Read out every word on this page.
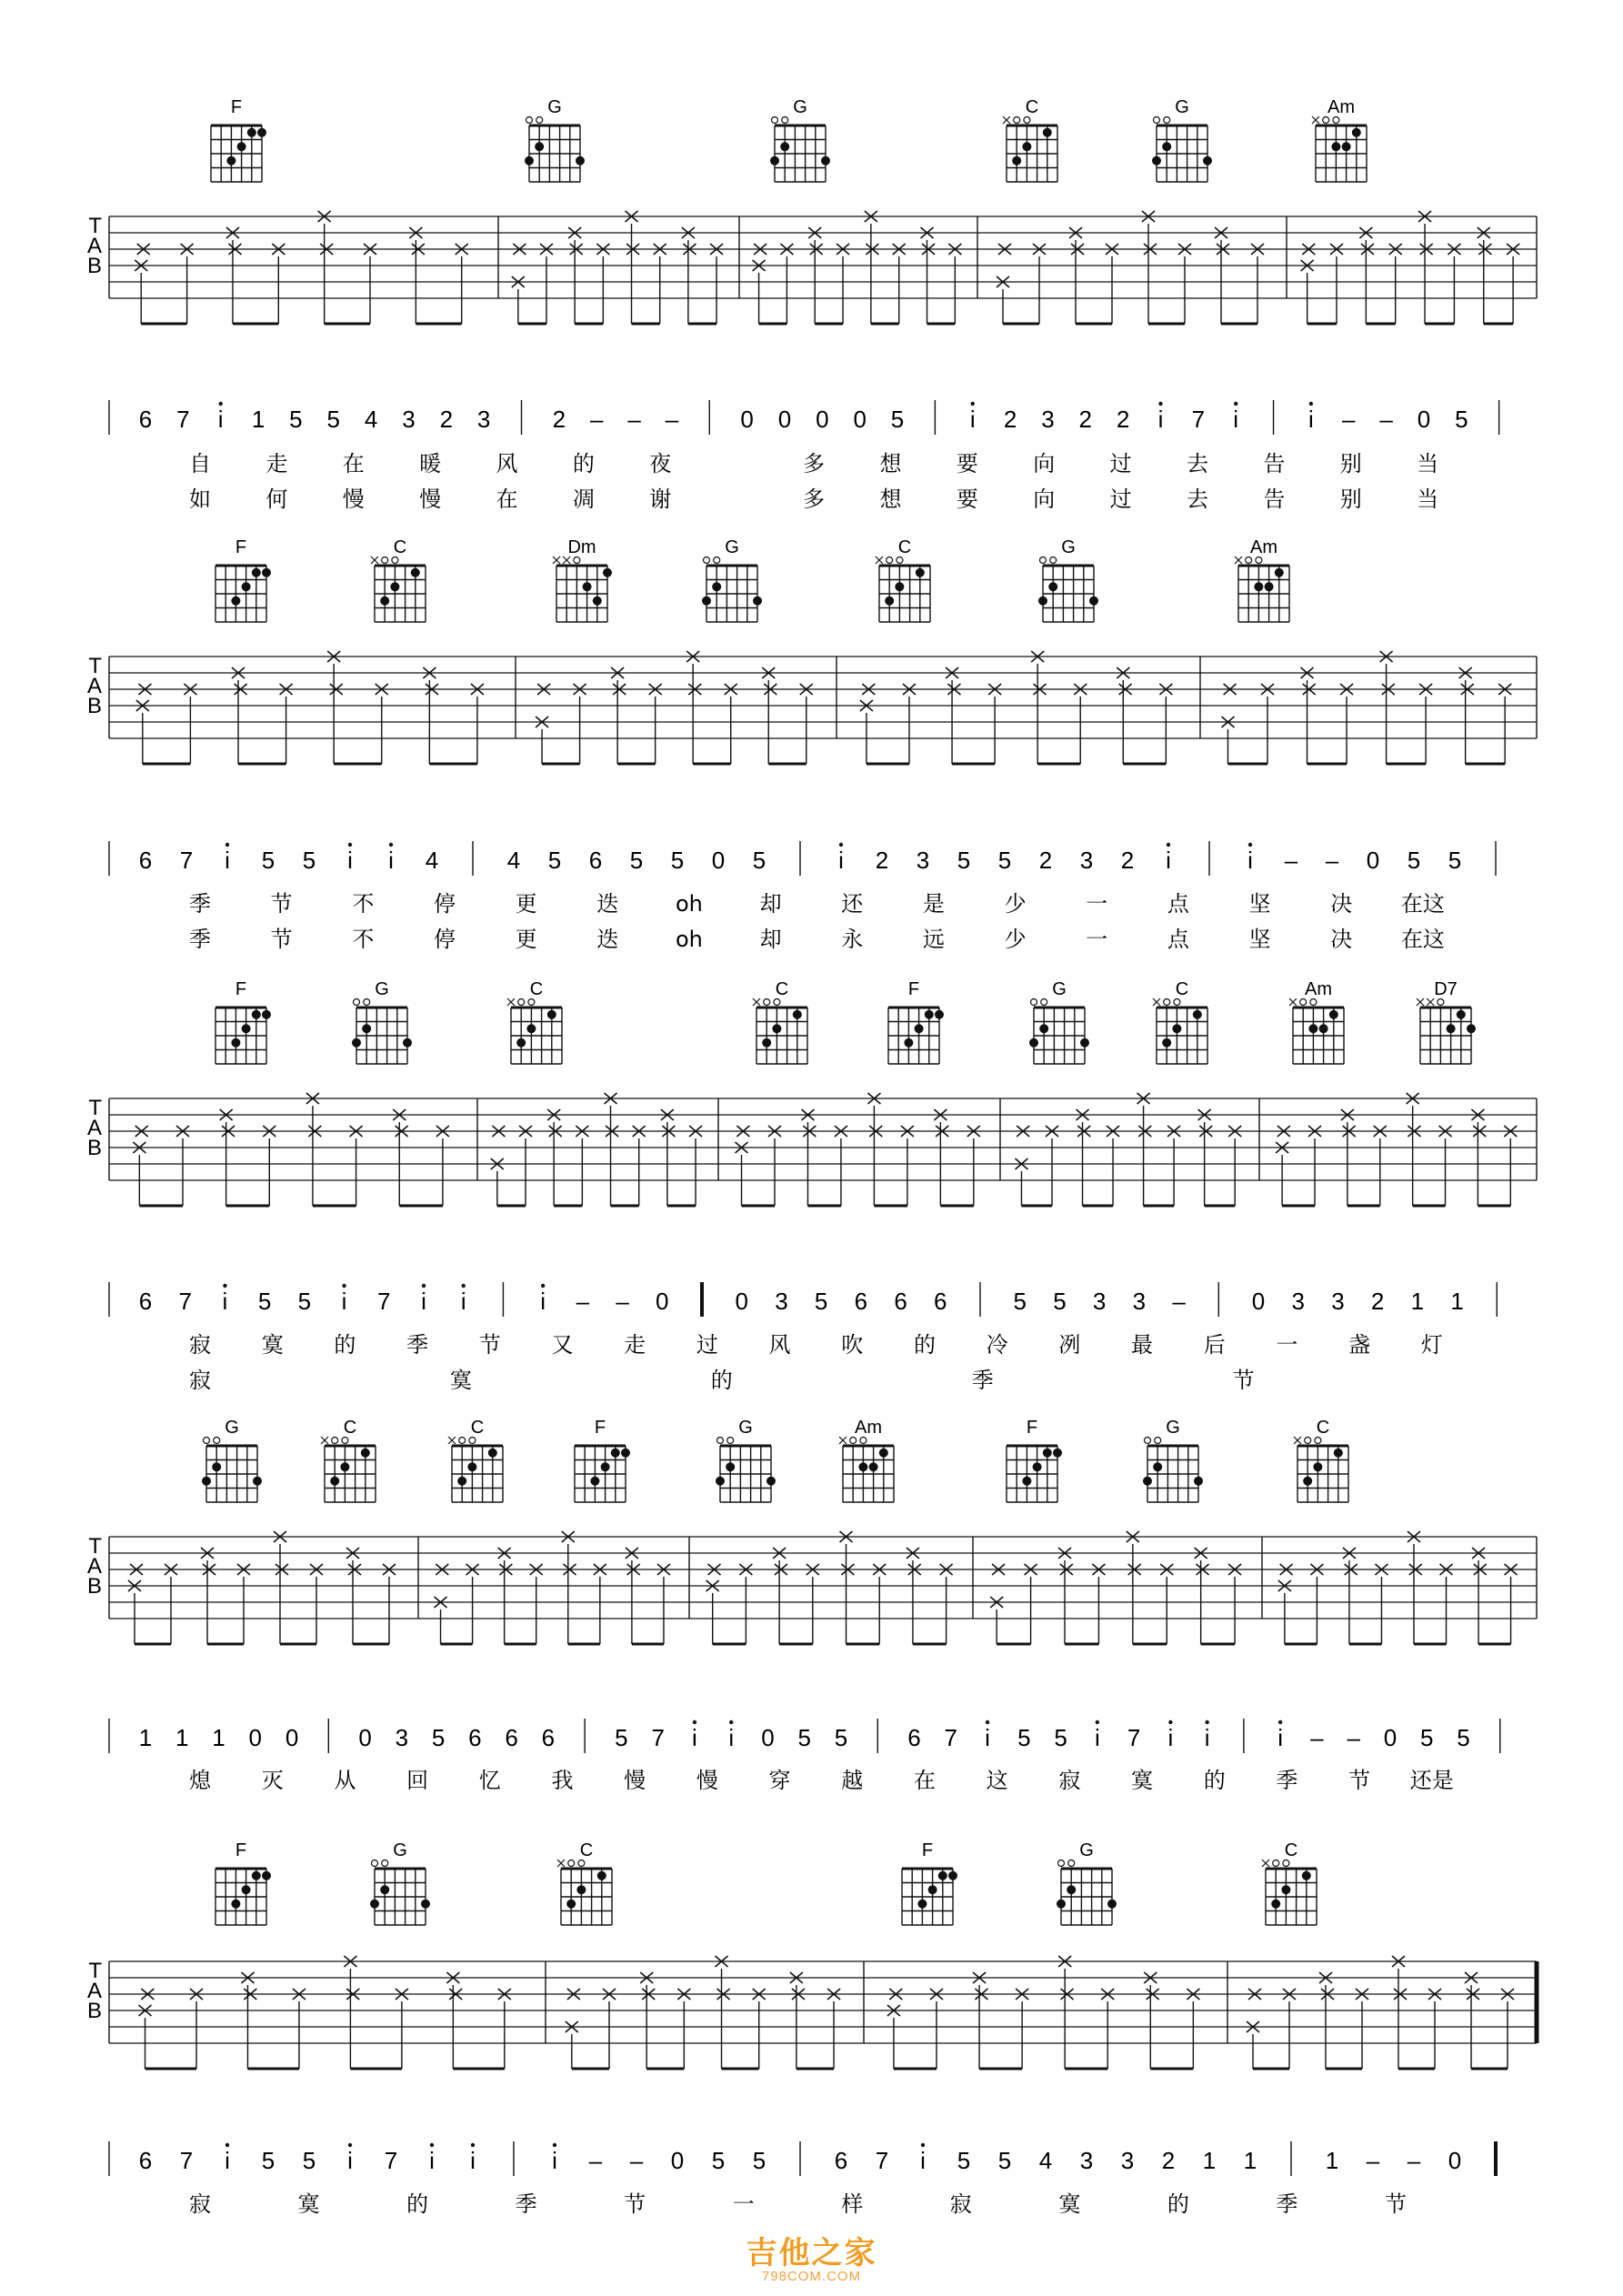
F	G	G	C	G	Am
T
A
B
6 7 i 1 5 5 4 3 2 3	2 – – –	0 0 0 0 5	i 2 3 2 2 i 7 i	i – – 0 5
自	走	在	暖	风	的	夜	多	想	要	向	过	去	告	别	当
如	何	慢	慢	在	凋	谢	多	想	要	向	过	去	告	别	当
F	C	Dm	G	C	G	Am
T
A
B
6 7 i 5 5 i i 4	4 5 6 5 5 0 5	i 2 3 5 5 2 3 2 i	i – – 0 5 5
季	节	不	停	更	迭	oh	却	还	是	少	一	点	坚	决 在这
季	节	不	停	更	迭	oh	却	永	远	少	一	点	坚	决 在这
F	G	C	C	F	G	C	Am	D7
T
A
B
6 7 i 5 5 i 7 i i	i – – 0	0 3 5 6 6 6	5 5 3 3 –	0 3 3 2 1 1
寂 寞 的 季 节 又 走 过 风 吹 的 冷 冽 最 后 一 盏 灯
寂	寞	的	季	节
G	C	C	F	G	Am	F	G	C
T
A
B
1 1 1 0 0	0 3 5 6 6 6	5 7 i i 0 5 5	6 7 i 5 5 i 7 i i	i – – 0 5 5
熄 灭 从 回 忆 我 慢 慢 穿 越 在 这 寂 寞 的 季 节 还是
F	G	C	F	G	C
T
A
B
6 7 i 5 5 i 7 i i	i – – 0 5 5	6 7 i 5 5 4 3 3 2 1 1	1 – – 0
寂	寞	的	季	节	一	样	寂	寞	的	季	节
吉他之家
798COM.COM
